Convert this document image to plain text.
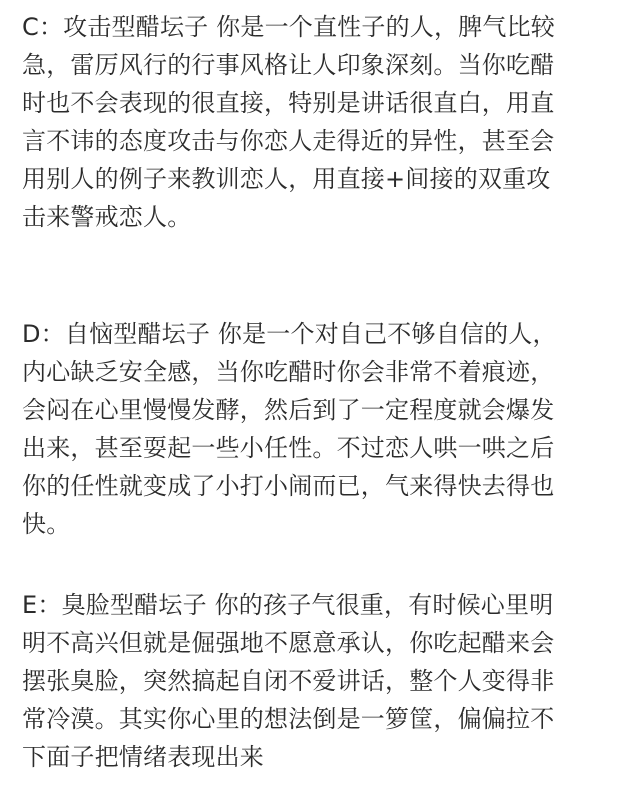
C：攻击型醋坛子 你是一个直性子的人，脾气比较
急，雷厉风行的行事风格让人印象深刻。当你吃醋
时也不会表现的很直接，特别是讲话很直白，用直
言不讳的态度攻击与你恋人走得近的异性，甚至会
用别人的例子来教训恋人，用直接+间接的双重攻
击来警戒恋人。
D：自恼型醋坛子 你是一个对自己不够自信的人，
内心缺乏安全感，当你吃醋时你会非常不着痕迹，
会闷在心里慢慢发酵，然后到了一定程度就会爆发
出来，甚至耍起一些小任性。不过恋人哄一哄之后
你的任性就变成了小打小闹而已，气来得快去得也
快。
E：臭脸型醋坛子 你的孩子气很重，有时候心里明
明不高兴但就是倔强地不愿意承认，你吃起醋来会
摆张臭脸，突然搞起自闭不爱讲话，整个人变得非
常冷漠。其实你心里的想法倒是一箩筐，偏偏拉不
下面子把情绪表现出来
